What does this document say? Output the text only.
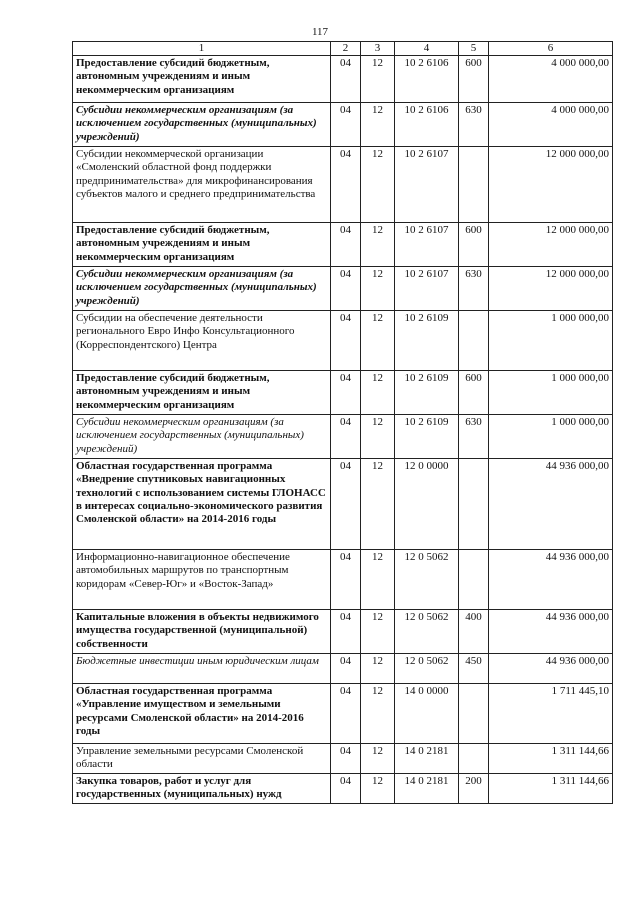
117
1	2	3	4	5	6
Предоставление субсидий бюджетным, автономным учреждениям и иным некоммерческим организациям	04	12	10 2 6106	600	4 000 000,00
Субсидии некоммерческим организациям (за исключением государственных (муниципальных) учреждений)	04	12	10 2 6106	630	4 000 000,00
Субсидии некоммерческой организации «Смоленский областной фонд поддержки предпринимательства» для микрофинансирования субъектов малого и среднего предпринимательства	04	12	10 2 6107		12 000 000,00
Предоставление субсидий бюджетным, автономным учреждениям и иным некоммерческим организациям	04	12	10 2 6107	600	12 000 000,00
Субсидии некоммерческим организациям (за исключением государственных (муниципальных) учреждений)	04	12	10 2 6107	630	12 000 000,00
Субсидии на обеспечение деятельности регионального Евро Инфо Консультационного (Корреспондентского) Центра	04	12	10 2 6109		1 000 000,00
Предоставление субсидий бюджетным, автономным учреждениям и иным некоммерческим организациям	04	12	10 2 6109	600	1 000 000,00
Субсидии некоммерческим организациям (за исключением государственных (муниципальных) учреждений)	04	12	10 2 6109	630	1 000 000,00
Областная государственная программа «Внедрение спутниковых навигационных технологий с использованием системы ГЛОНАСС в интересах социально-экономического развития Смоленской области» на 2014-2016 годы	04	12	12 0 0000		44 936 000,00
Информационно-навигационное обеспечение автомобильных маршрутов по транспортным коридорам «Север-Юг» и «Восток-Запад»	04	12	12 0 5062		44 936 000,00
Капитальные вложения в объекты недвижимого имущества государственной (муниципальной) собственности	04	12	12 0 5062	400	44 936 000,00
Бюджетные инвестиции иным юридическим лицам	04	12	12 0 5062	450	44 936 000,00
Областная государственная программа «Управление имуществом и земельными ресурсами Смоленской области» на 2014-2016 годы	04	12	14 0 0000		1 711 445,10
Управление земельными ресурсами Смоленской области	04	12	14 0 2181		1 311 144,66
Закупка товаров, работ и услуг для государственных (муниципальных) нужд	04	12	14 0 2181	200	1 311 144,66
